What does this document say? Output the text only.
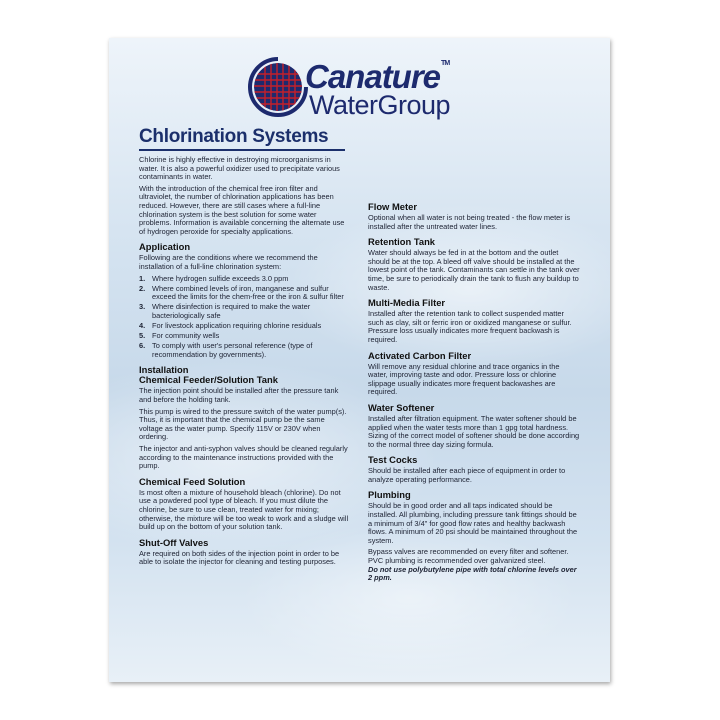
Canature™
WaterGroup
Chlorination Systems

Chlorine is highly effective in destroying microorganisms in water. It is also a powerful oxidizer used to precipitate various contaminants in water.

With the introduction of the chemical free iron filter and ultraviolet, the number of chlorination applications has been reduced. However, there are still cases where a full-line chlorination system is the best solution for some water problems. Information is available concerning the alternate use of hydrogen peroxide for specialty applications.

Application

Following are the conditions where we recommend the installation of a full-line chlorination system:

1. Where hydrogen sulfide exceeds 3.0 ppm
2. Where combined levels of iron, manganese and sulfur exceed the limits for the chem-free or the iron & sulfur filter
3. Where disinfection is required to make the water bacteriologically safe
4. For livestock application requiring chlorine residuals
5. For community wells
6. To comply with user's personal reference (type of recommendation by governments).
Installation
Chemical Feeder/Solution Tank

The injection point should be installed after the pressure tank and before the holding tank.

This pump is wired to the pressure switch of the water pump(s). Thus, it is important that the chemical pump be the same voltage as the water pump. Specify 115V or 230V when ordering.

The injector and anti-syphon valves should be cleaned regularly according to the maintenance instructions provided with the pump.

Chemical Feed Solution

Is most often a mixture of household bleach (chlorine). Do not use a powdered pool type of bleach. If you must dilute the chlorine, be sure to use clean, treated water for mixing; otherwise, the mixture will be too weak to work and a sludge will build up on the bottom of your solution tank.

Shut-Off Valves

Are required on both sides of the injection point in order to be able to isolate the injector for cleaning and testing purposes.

Flow Meter

Optional when all water is not being treated - the flow meter is installed after the untreated water lines.

Retention Tank

Water should always be fed in at the bottom and the outlet should be at the top. A bleed off valve should be installed at the lowest point of the tank. Contaminants can settle in the tank over time, be sure to periodically drain the tank to flush any buildup to waste.

Multi-Media Filter

Installed after the retention tank to collect suspended matter such as clay, silt or ferric iron or oxidized manganese or sulfur. Pressure loss usually indicates more frequent backwash is required.

Activated Carbon Filter

Will remove any residual chlorine and trace organics in the water, improving taste and odor. Pressure loss or chlorine slippage usually indicates more frequent backwashes are required.

Water Softener

Installed after filtration equipment. The water softener should be applied when the water tests more than 1 gpg total hardness. Sizing of the correct model of softener should be done according to the normal three day sizing formula.

Test Cocks

Should be installed after each piece of equipment in order to analyze operating performance.

Plumbing

Should be in good order and all taps indicated should be installed. All plumbing, including pressure tank fittings should be a minimum of 3/4" for good flow rates and healthy backwash flows. A minimum of 20 psi should be maintained throughout the system.

Bypass valves are recommended on every filter and softener. PVC plumbing is recommended over galvanized steel.

Do not use polybutylene pipe with total chlorine levels over 2 ppm.
